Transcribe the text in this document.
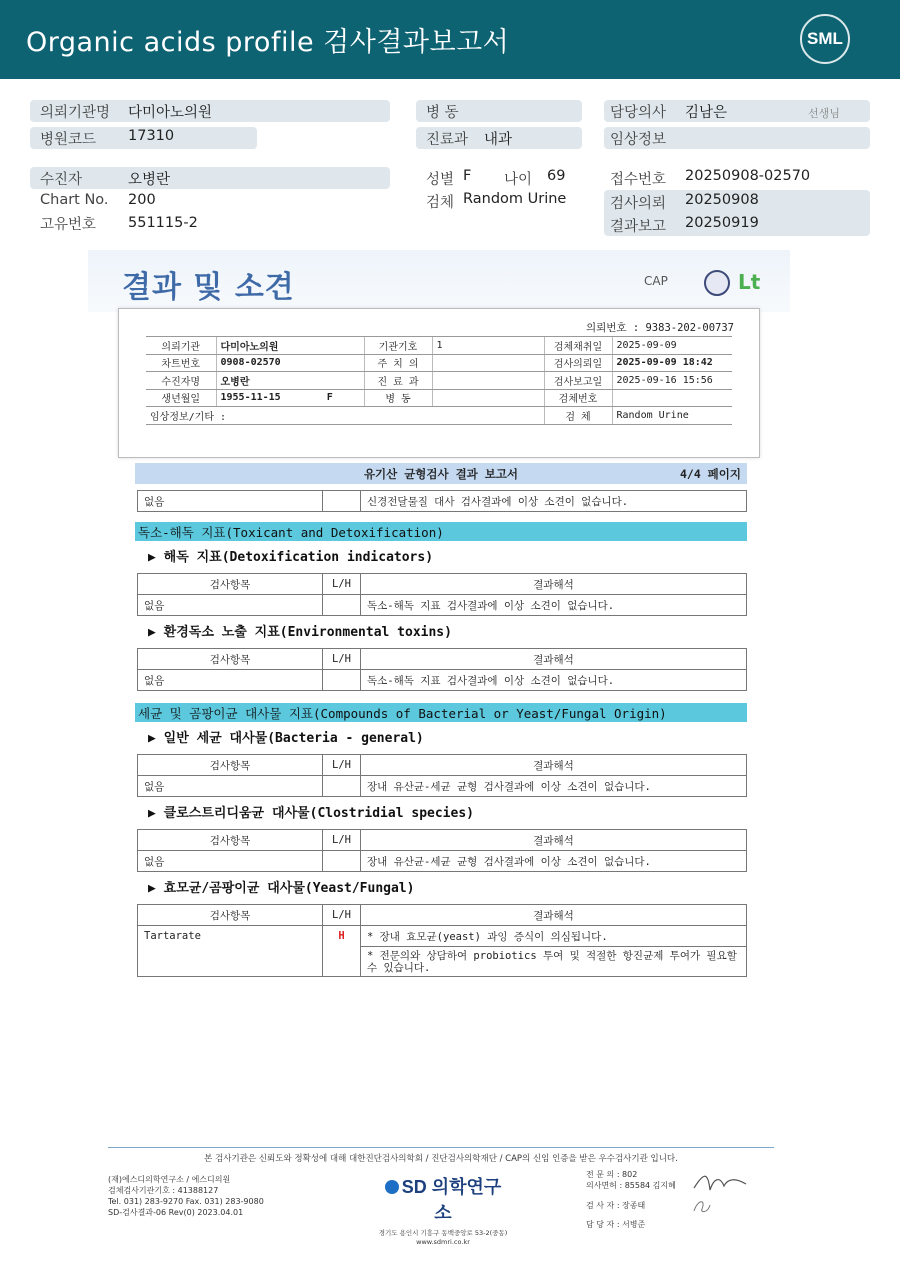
Organic acids profile 검사결과보고서	SML
의뢰기관명 다미아노의원
병원코드 17310
병 동
진료과 내과
담당의사 김남은	선생님
임상정보
수진자	오병란
Chart No. 200
고유번호 551115-2
성별 F 나이 69
검체 Random Urine
접수번호 20250908-02570
검사의뢰 20250908
결과보고 20250919
결과 및 소견	CAP	Lt
의뢰번호 : 9383-202-00737
의뢰기관	다미아노의원	기관기호	1	검체채취일	2025-09-09
차트번호	0908-02570	주 치 의		검사의뢰일	2025-09-09 18:42
수진자명	오병란	진 료 과		검사보고일	2025-09-16 15:56
생년월일	1955-11-15 F	병 동		검체번호	
임상정보/기타 :				검 체	Random Urine
유기산 균형검사 결과 보고서	4/4 페이지
없음		신경전달물질 대사 검사결과에 이상 소견이 없습니다.
독소-해독 지표(Toxicant and Detoxification)
▶ 해독 지표(Detoxification indicators)
검사항목	L/H	결과해석
없음		독소-해독 지표 검사결과에 이상 소견이 없습니다.
▶ 환경독소 노출 지표(Environmental toxins)
검사항목	L/H	결과해석
없음		독소-해독 지표 검사결과에 이상 소견이 없습니다.
세균 및 곰팡이균 대사물 지표(Compounds of Bacterial or Yeast/Fungal Origin)
▶ 일반 세균 대사물(Bacteria - general)
검사항목	L/H	결과해석
없음		장내 유산균-세균 균형 검사결과에 이상 소견이 없습니다.
▶ 클로스트리디움균 대사물(Clostridial species)
검사항목	L/H	결과해석
없음		장내 유산균-세균 균형 검사결과에 이상 소견이 없습니다.
▶ 효모균/곰팡이균 대사물(Yeast/Fungal)
검사항목	L/H	결과해석
Tartarate	H	* 장내 효모균(yeast) 과잉 증식이 의심됩니다.
		* 전문의와 상담하여 probiotics 투여 및 적절한 항진균제 투여가 필요할 수 있습니다.
본 검사기관은 신뢰도와 정확성에 대해 대한진단검사의학회 / 진단검사의학재단 / CAP의 신임 인증을 받은 우수검사기관 입니다.
(재)에스디의학연구소 / 에스디의원
검체검사기관기호 : 41388127
Tel. 031) 283-9270 Fax. 031) 283-9080
SD-검사결과-06 Rev(0) 2023.04.01
SD 의학연구소
경기도 용인시 기흥구 동백중앙로 53-2(중동)
www.sdmri.co.kr
전 문 의 : 802
의사면허 : 85584 김지혜
검 사 자 : 장종태
담 당 자 : 서병준
